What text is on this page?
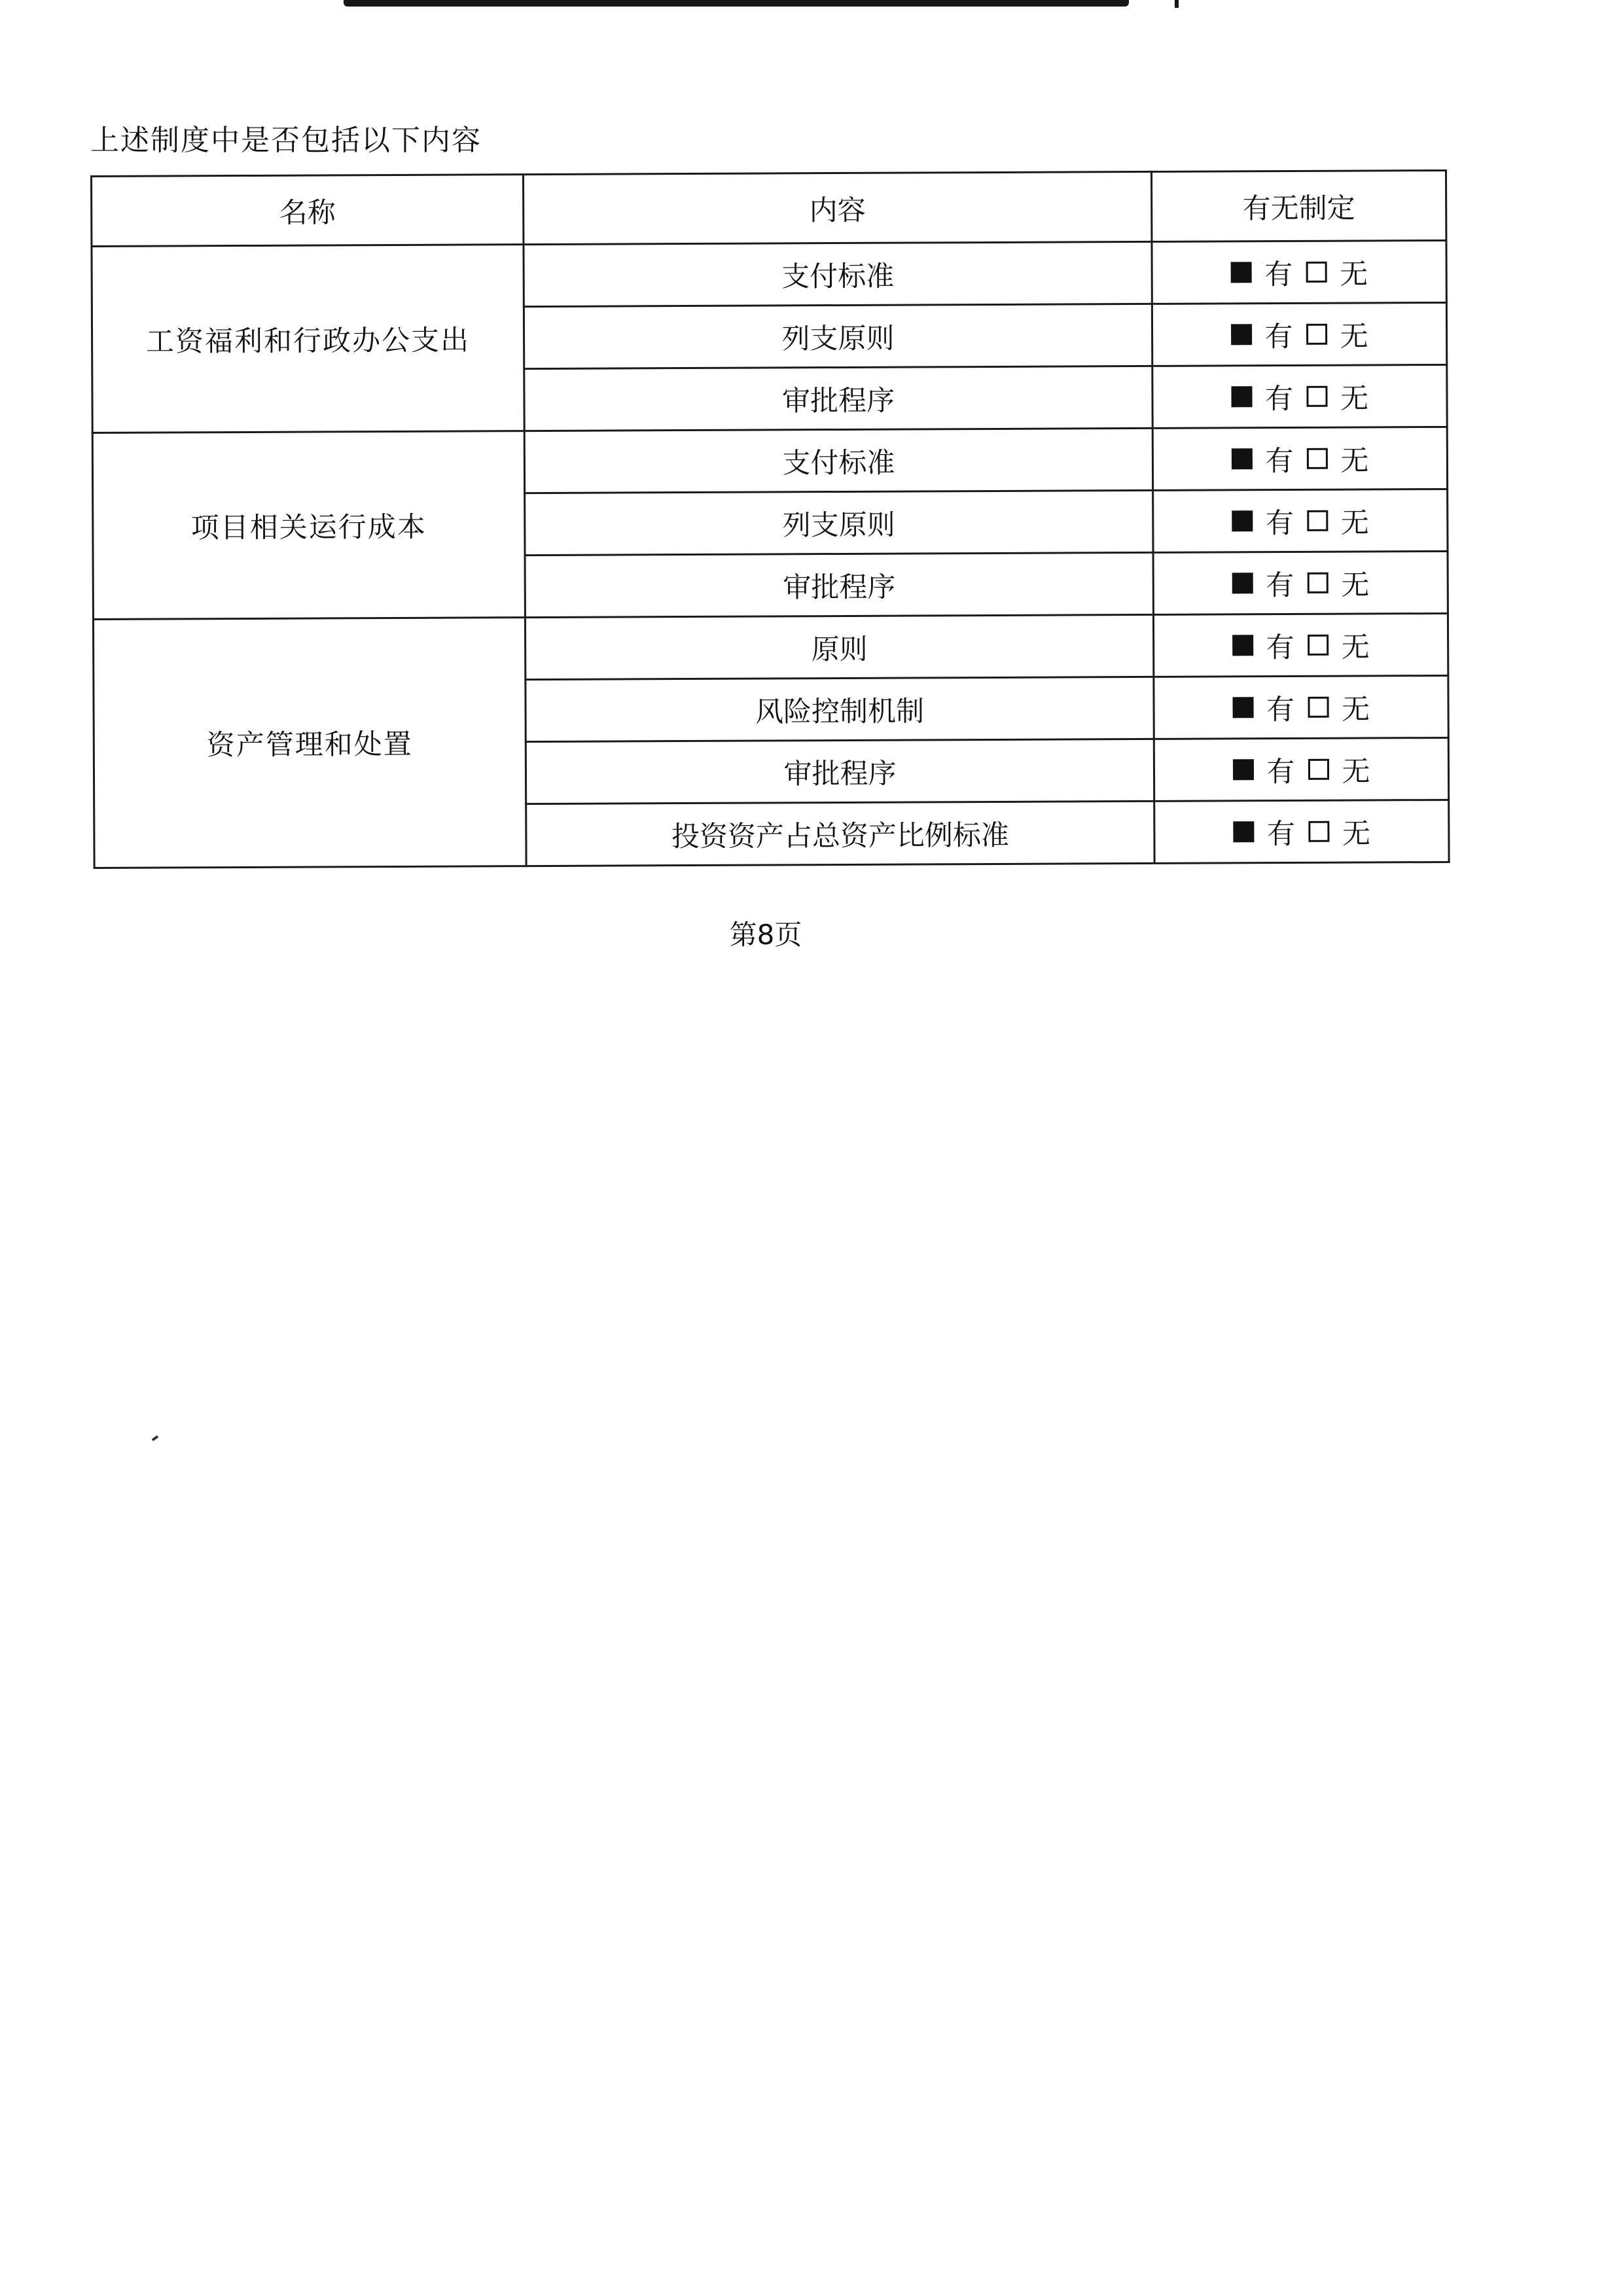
上述制度中是否包括以下内容
名称	内容	有无制定
工资福利和行政办公支出	支付标准	有 无

	列支原则	有 无

	审批程序	有 无

项目相关运行成本	支付标准	有 无

	列支原则	有 无

	审批程序	有 无

资产管理和处置	原则	有 无

	风险控制机制	有 无

	审批程序	有 无

	投资资产占总资产比例标准	有 无
第8页
